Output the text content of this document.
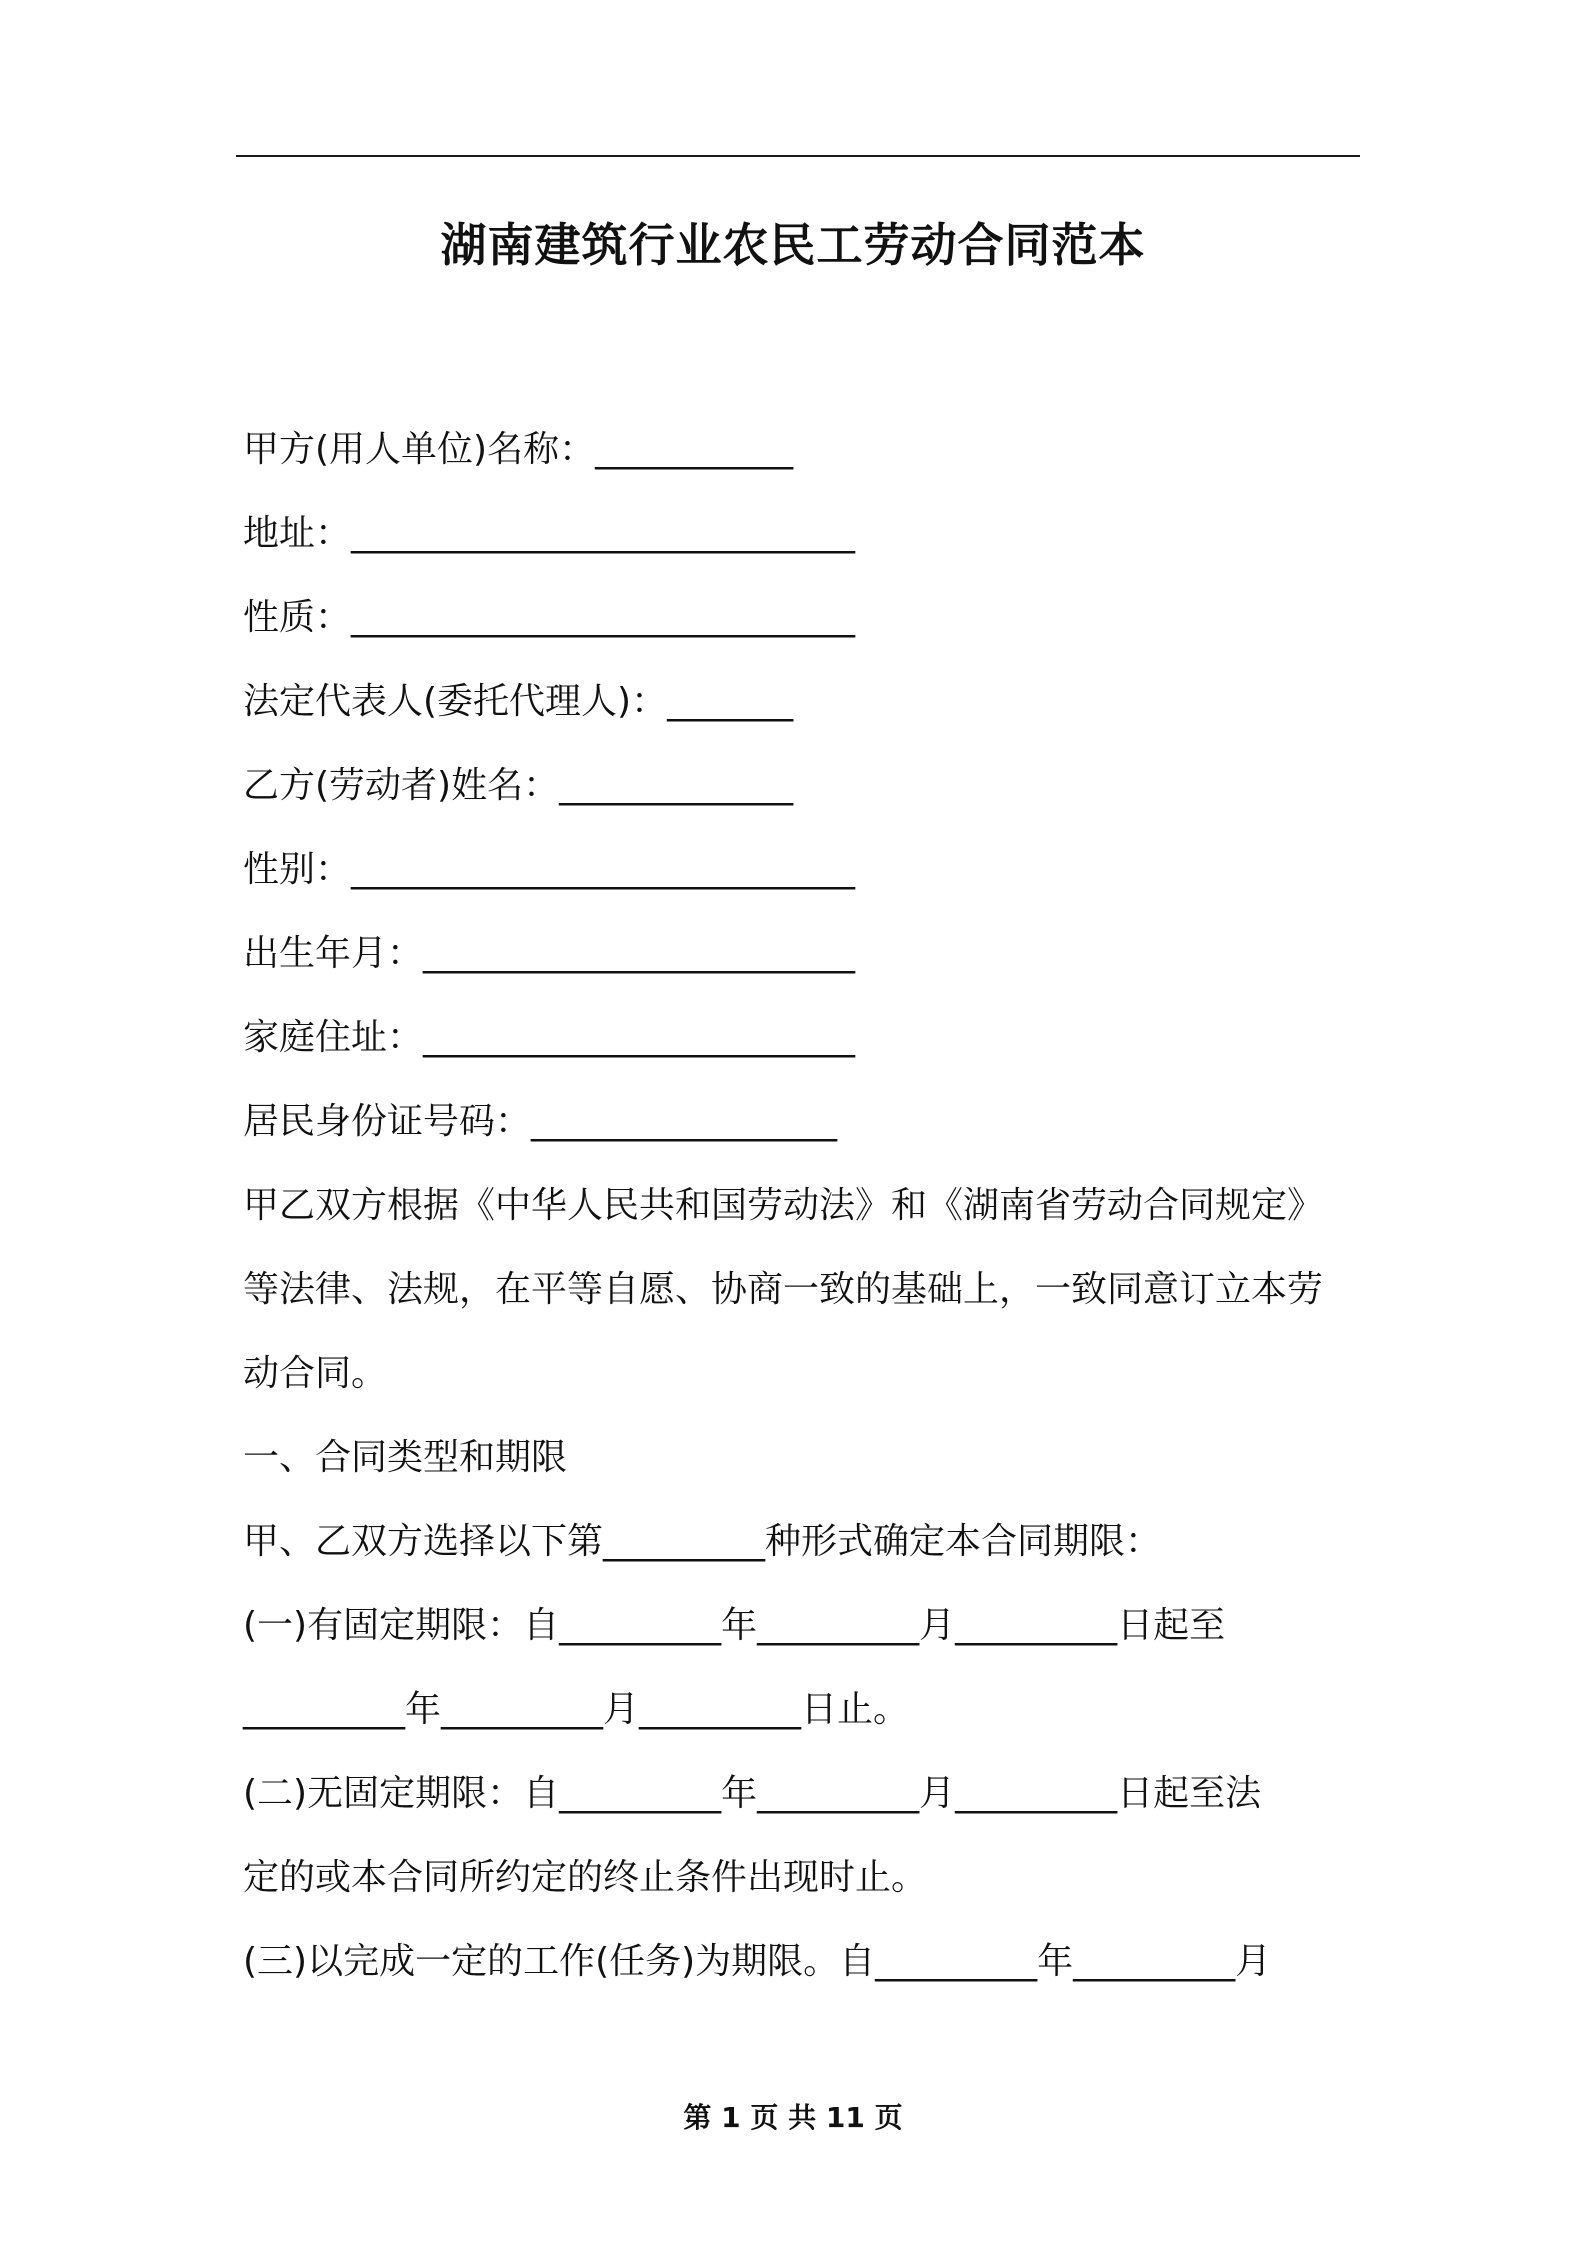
湖南建筑行业农民工劳动合同范本
甲方(用人单位)名称：___________
地址：____________________________
性质：____________________________
法定代表人(委托代理人)：_______
乙方(劳动者)姓名：_____________
性别：____________________________
出生年月：________________________
家庭住址：________________________
居民身份证号码：_________________
甲乙双方根据《中华人民共和国劳动法》和《湖南省劳动合同规定》
等法律、法规，在平等自愿、协商一致的基础上，一致同意订立本劳
动合同。
一、合同类型和期限
甲、乙双方选择以下第_________种形式确定本合同期限：
(一)有固定期限：自_________年_________月_________日起至
_________年_________月_________日止。
(二)无固定期限：自_________年_________月_________日起至法
定的或本合同所约定的终止条件出现时止。
(三)以完成一定的工作(任务)为期限。自_________年_________月
第 1 页 共 11 页
